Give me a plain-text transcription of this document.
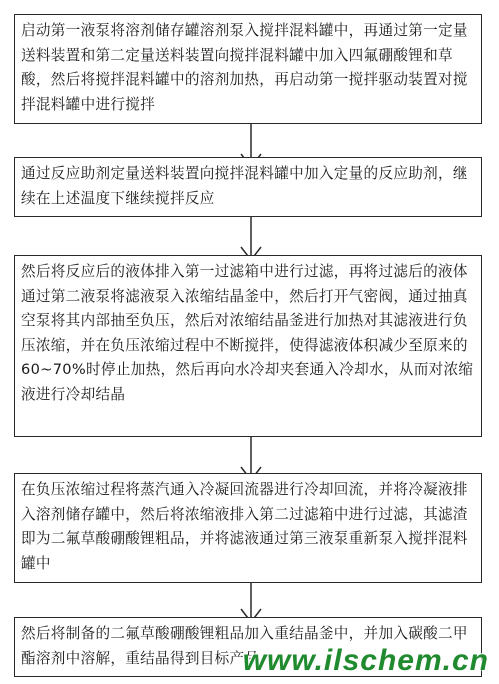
启动第一液泵将溶剂储存罐溶剂泵入搅拌混料罐中，再通过第一定量送料装置和第二定量送料装置向搅拌混料罐中加入四氟硼酸锂和草酸，然后将搅拌混料罐中的溶剂加热，再启动第一搅拌驱动装置对搅拌混料罐中进行搅拌
通过反应助剂定量送料装置向搅拌混料罐中加入定量的反应助剂，继续在上述温度下继续搅拌反应
然后将反应后的液体排入第一过滤箱中进行过滤，再将过滤后的液体通过第二液泵将滤液泵入浓缩结晶釜中，然后打开气密阀，通过抽真空泵将其内部抽至负压，然后对浓缩结晶釜进行加热对其滤液进行负压浓缩，并在负压浓缩过程中不断搅拌，使得滤液体积减少至原来的60~70%时停止加热，然后再向水冷却夹套通入冷却水，从而对浓缩液进行冷却结晶
在负压浓缩过程将蒸汽通入冷凝回流器进行冷却回流，并将冷凝液排入溶剂储存罐中，然后将浓缩液排入第二过滤箱中进行过滤，其滤渣即为二氟草酸硼酸锂粗品，并将滤液通过第三液泵重新泵入搅拌混料罐中
然后将制备的二氟草酸硼酸锂粗品加入重结晶釜中，并加入碳酸二甲酯溶剂中溶解，重结晶得到目标产品
www.ilschem.cn
